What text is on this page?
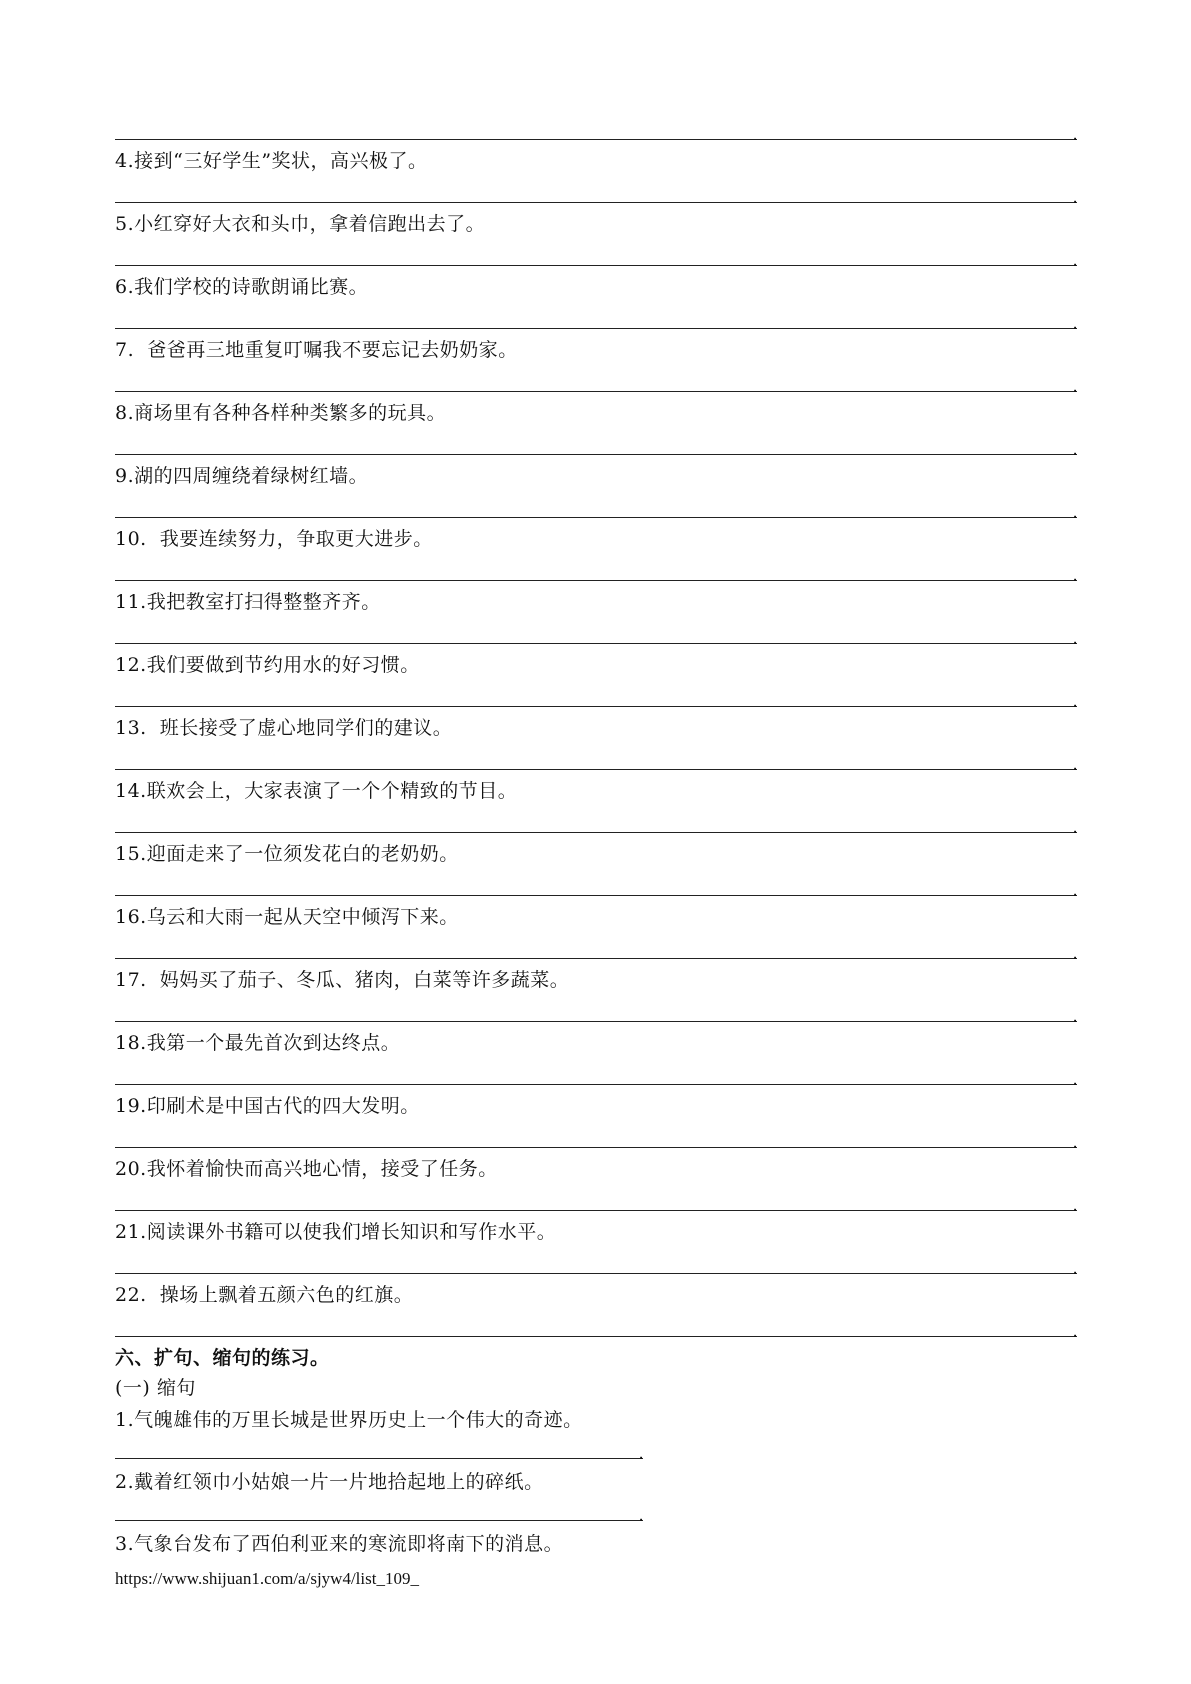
.
4.接到“三好学生”奖状，高兴极了。
.
5.小红穿好大衣和头巾，拿着信跑出去了。
.
6.我们学校的诗歌朗诵比赛。
.
7.  爸爸再三地重复叮嘱我不要忘记去奶奶家。
.
8.商场里有各种各样种类繁多的玩具。
.
9.湖的四周缠绕着绿树红墙。
.
10.  我要连续努力，争取更大进步。
.
11.我把教室打扫得整整齐齐。
.
12.我们要做到节约用水的好习惯。
.
13.  班长接受了虚心地同学们的建议。
.
14.联欢会上，大家表演了一个个精致的节目。
.
15.迎面走来了一位须发花白的老奶奶。
.
16.乌云和大雨一起从天空中倾泻下来。
.
17.  妈妈买了茄子、冬瓜、猪肉，白菜等许多蔬菜。
.
18.我第一个最先首次到达终点。
.
19.印刷术是中国古代的四大发明。
.
20.我怀着愉快而高兴地心情，接受了任务。
.
21.阅读课外书籍可以使我们增长知识和写作水平。
.
22.  操场上飘着五颜六色的红旗。
.
六、扩句、缩句的练习。
(一) 缩句
1.气魄雄伟的万里长城是世界历史上一个伟大的奇迹。
.
2.戴着红领巾小姑娘一片一片地拾起地上的碎纸。
.
3.气象台发布了西伯利亚来的寒流即将南下的消息。
https://www.shijuan1.com/a/sjyw4/list_109_
